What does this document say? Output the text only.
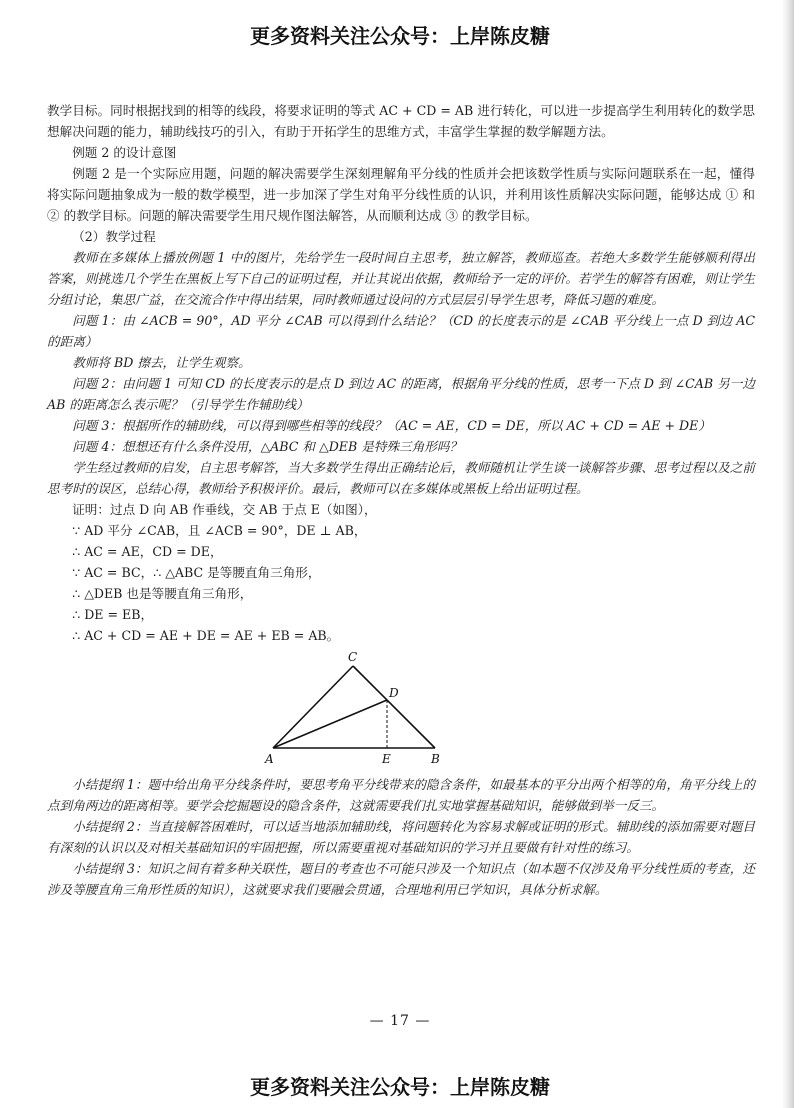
更多资料关注公众号：上岸陈皮糖

教学目标。同时根据找到的相等的线段，将要求证明的等式 AC + CD = AB 进行转化，可以进一步提高学生利用转化的数学思想解决问题的能力，辅助线技巧的引入，有助于开拓学生的思维方式，丰富学生掌握的数学解题方法。

例题 2 的设计意图

例题 2 是一个实际应用题，问题的解决需要学生深刻理解角平分线的性质并会把该数学性质与实际问题联系在一起，懂得将实际问题抽象成为一般的数学模型，进一步加深了学生对角平分线性质的认识，并利用该性质解决实际问题，能够达成 ① 和 ② 的教学目标。问题的解决需要学生用尺规作图法解答，从而顺利达成 ③ 的教学目标。

（2）教学过程

教师在多媒体上播放例题 1 中的图片，先给学生一段时间自主思考，独立解答，教师巡查。若绝大多数学生能够顺利得出答案，则挑选几个学生在黑板上写下自己的证明过程，并让其说出依据，教师给予一定的评价。若学生的解答有困难，则让学生分组讨论，集思广益，在交流合作中得出结果，同时教师通过设问的方式层层引导学生思考，降低习题的难度。

问题 1：由 ∠ACB = 90°，AD 平分 ∠CAB 可以得到什么结论？（CD 的长度表示的是 ∠CAB 平分线上一点 D 到边 AC 的距离）

教师将 BD 擦去，让学生观察。

问题 2：由问题 1 可知 CD 的长度表示的是点 D 到边 AC 的距离，根据角平分线的性质，思考一下点 D 到 ∠CAB 另一边 AB 的距离怎么表示呢？（引导学生作辅助线）

问题 3：根据所作的辅助线，可以得到哪些相等的线段？（AC = AE，CD = DE，所以 AC + CD = AE + DE）

问题 4：想想还有什么条件没用，△ABC 和 △DEB 是特殊三角形吗？

学生经过教师的启发，自主思考解答，当大多数学生得出正确结论后，教师随机让学生谈一谈解答步骤、思考过程以及之前思考时的误区，总结心得，教师给予积极评价。最后，教师可以在多媒体或黑板上给出证明过程。

证明：过点 D 向 AB 作垂线，交 AB 于点 E（如图），

∵ AD 平分 ∠CAB，且 ∠ACB = 90°，DE ⊥ AB，

∴ AC = AE，CD = DE，

∵ AC = BC，∴ △ABC 是等腰直角三角形，

∴ △DEB 也是等腰直角三角形，

∴ DE = EB，

∴ AC + CD = AE + DE = AE + EB = AB。

C
D
A	E	B

小结提纲 1：题中给出角平分线条件时，要思考角平分线带来的隐含条件，如最基本的平分出两个相等的角，角平分线上的点到角两边的距离相等。要学会挖掘题设的隐含条件，这就需要我们扎实地掌握基础知识，能够做到举一反三。

小结提纲 2：当直接解答困难时，可以适当地添加辅助线，将问题转化为容易求解或证明的形式。辅助线的添加需要对题目有深刻的认识以及对相关基础知识的牢固把握，所以需要重视对基础知识的学习并且要做有针对性的练习。

小结提纲 3：知识之间有着多种关联性，题目的考查也不可能只涉及一个知识点（如本题不仅涉及角平分线性质的考查，还涉及等腰直角三角形性质的知识），这就要求我们要融会贯通，合理地利用已学知识，具体分析求解。

— 17 —
更多资料关注公众号：上岸陈皮糖
